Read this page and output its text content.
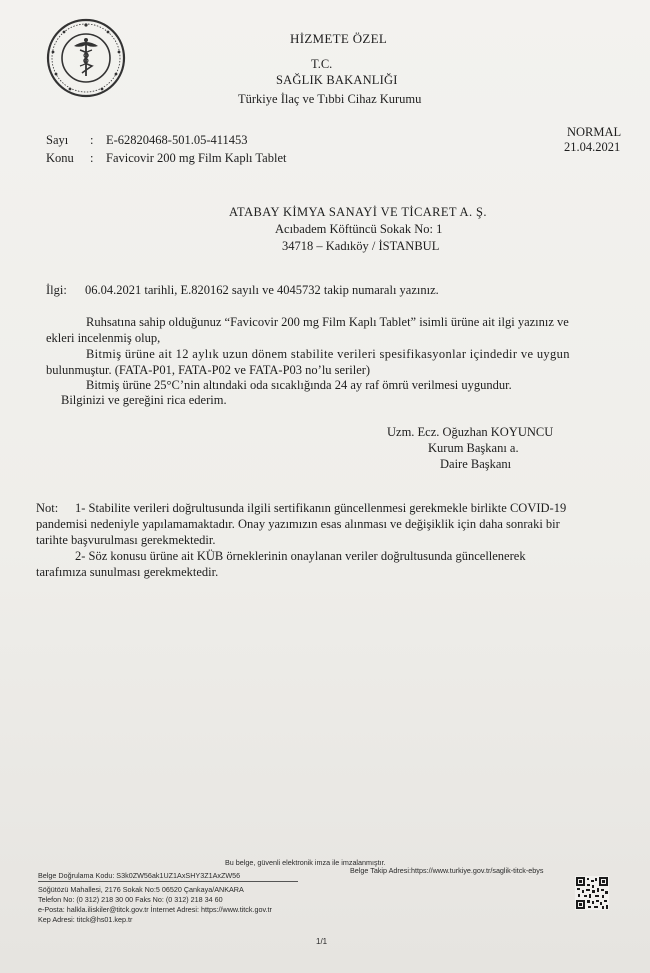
HİZMETE ÖZEL
T.C.
SAĞLIK BAKANLIĞI
Türkiye İlaç ve Tıbbi Cihaz Kurumu
Sayı : E-62820468-501.05-411453
Konu : Favicovir 200 mg Film Kaplı Tablet
NORMAL
21.04.2021
ATABAY KİMYA SANAYİ VE TİCARET A. Ş.
Acıbadem Köftüncü Sokak No: 1
34718 – Kadıköy / İSTANBUL
İlgi: 06.04.2021 tarihli, E.820162 sayılı ve 4045732 takip numaralı yazınız.
Ruhsatına sahip olduğunuz “Favicovir 200 mg Film Kaplı Tablet” isimli ürüne ait ilgi yazınız ve
ekleri incelenmiş olup,
Bitmiş ürüne ait 12 aylık uzun dönem stabilite verileri spesifikasyonlar içindedir ve uygun
bulunmuştur. (FATA-P01, FATA-P02 ve FATA-P03 no’lu seriler)
Bitmiş ürüne 25°C’nin altındaki oda sıcaklığında 24 ay raf ömrü verilmesi uygundur.
Bilginizi ve gereğini rica ederim.
Uzm. Ecz. Oğuzhan KOYUNCU
Kurum Başkanı a.
Daire Başkanı
Not: 1- Stabilite verileri doğrultusunda ilgili sertifikanın güncellenmesi gerekmekle birlikte COVID-19
pandemisi nedeniyle yapılamamaktadır. Onay yazımızın esas alınması ve değişiklik için daha sonraki bir
tarihte başvurulması gerekmektedir.
2- Söz konusu ürüne ait KÜB örneklerinin onaylanan veriler doğrultusunda güncellenerek
tarafımıza sunulması gerekmektedir.
Bu belge, güvenli elektronik imza ile imzalanmıştır.
Belge Doğrulama Kodu: S3k0ZW56ak1UZ1AxSHY3Z1AxZW56
Belge Takip Adresi:https://www.turkiye.gov.tr/saglik-titck-ebys
Söğütözü Mahallesi, 2176 Sokak No:5 06520 Çankaya/ANKARA
Telefon No: (0 312) 218 30 00 Faks No: (0 312) 218 34 60
e-Posta: halkla.iliskiler@titck.gov.tr İnternet Adresi: https://www.titck.gov.tr
Kep Adresi: titck@hs01.kep.tr
1/1
